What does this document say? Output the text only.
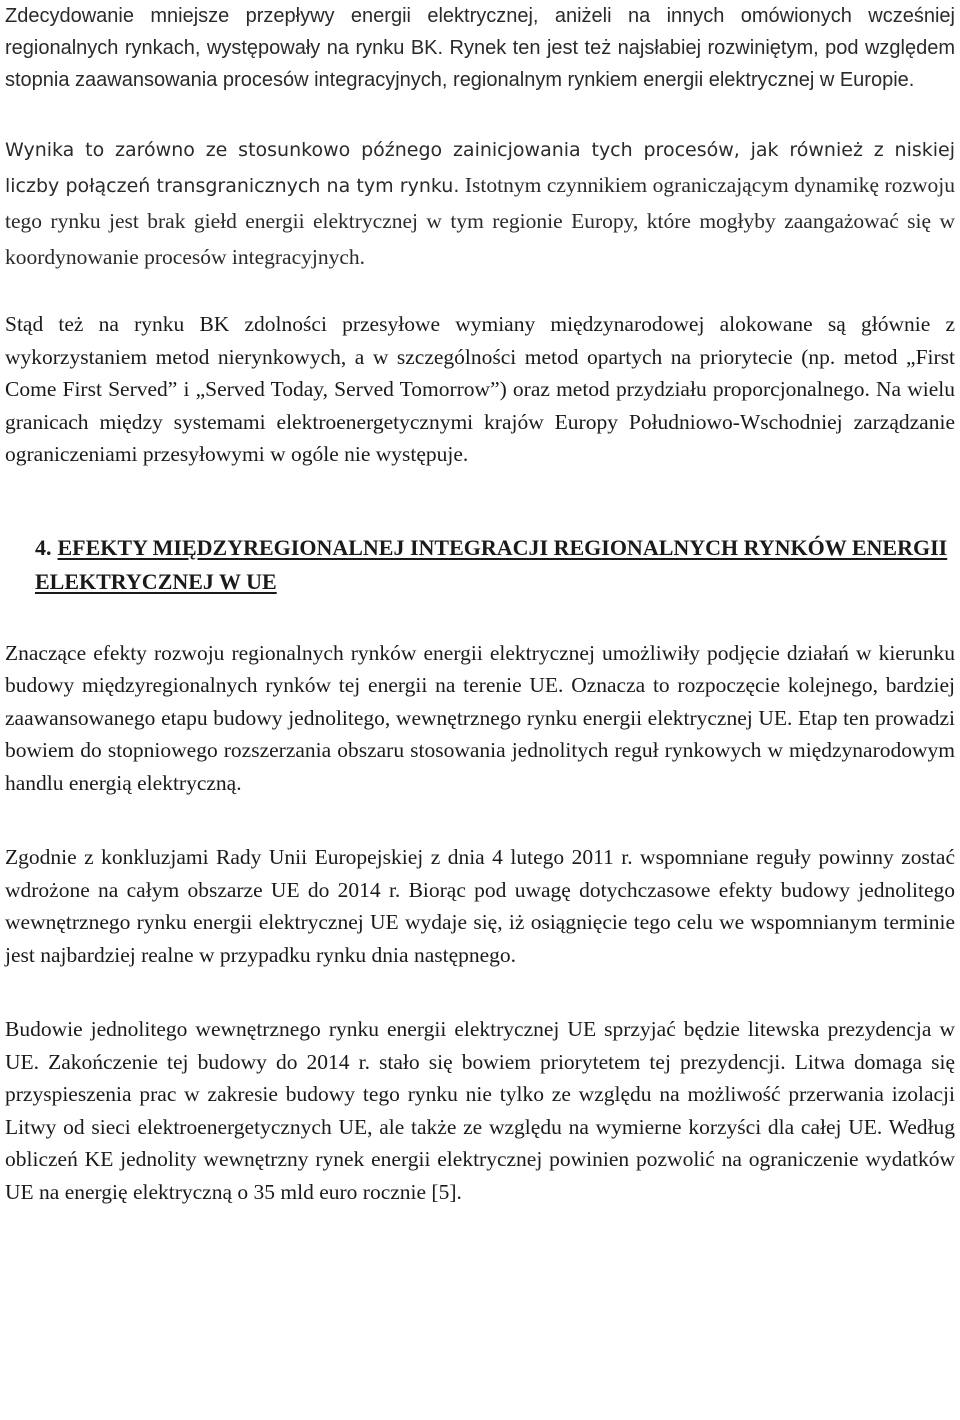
Zdecydowanie mniejsze przepływy energii elektrycznej, aniżeli na innych omówionych wcześniej regionalnych rynkach, występowały na rynku BK. Rynek ten jest też najsłabiej rozwiniętym, pod względem stopnia zaawansowania procesów integracyjnych, regionalnym rynkiem energii elektrycznej w Europie.

Wynika to zarówno ze stosunkowo późnego zainicjowania tych procesów, jak również z niskiej liczby połączeń transgranicznych na tym rynku. Istotnym czynnikiem ograniczającym dynamikę rozwoju tego rynku jest brak giełd energii elektrycznej w tym regionie Europy, które mogłyby zaangażować się w koordynowanie procesów integracyjnych.

Stąd też na rynku BK zdolności przesyłowe wymiany międzynarodowej alokowane są głównie z wykorzystaniem metod nierynkowych, a w szczególności metod opartych na priorytecie (np. metod „First Come First Served” i „Served Today, Served Tomorrow”) oraz metod przydziału proporcjonalnego. Na wielu granicach między systemami elektroenergetycznymi krajów Europy Południowo-Wschodniej zarządzanie ograniczeniami przesyłowymi w ogóle nie występuje.

4. EFEKTY MIĘDZYREGIONALNEJ INTEGRACJI REGIONALNYCH RYNKÓW ENERGII ELEKTRYCZNEJ W UE

Znaczące efekty rozwoju regionalnych rynków energii elektrycznej umożliwiły podjęcie działań w kierunku budowy międzyregionalnych rynków tej energii na terenie UE. Oznacza to rozpoczęcie kolejnego, bardziej zaawansowanego etapu budowy jednolitego, wewnętrznego rynku energii elektrycznej UE. Etap ten prowadzi bowiem do stopniowego rozszerzania obszaru stosowania jednolitych reguł rynkowych w międzynarodowym handlu energią elektryczną.

Zgodnie z konkluzjami Rady Unii Europejskiej z dnia 4 lutego 2011 r. wspomniane reguły powinny zostać wdrożone na całym obszarze UE do 2014 r. Biorąc pod uwagę dotychczasowe efekty budowy jednolitego wewnętrznego rynku energii elektrycznej UE wydaje się, iż osiągnięcie tego celu we wspomnianym terminie jest najbardziej realne w przypadku rynku dnia następnego.

Budowie jednolitego wewnętrznego rynku energii elektrycznej UE sprzyjać będzie litewska prezydencja w UE. Zakończenie tej budowy do 2014 r. stało się bowiem priorytetem tej prezydencji. Litwa domaga się przyspieszenia prac w zakresie budowy tego rynku nie tylko ze względu na możliwość przerwania izolacji Litwy od sieci elektroenergetycznych UE, ale także ze względu na wymierne korzyści dla całej UE. Według obliczeń KE jednolity wewnętrzny rynek energii elektrycznej powinien pozwolić na ograniczenie wydatków UE na energię elektryczną o 35 mld euro rocznie [5].
